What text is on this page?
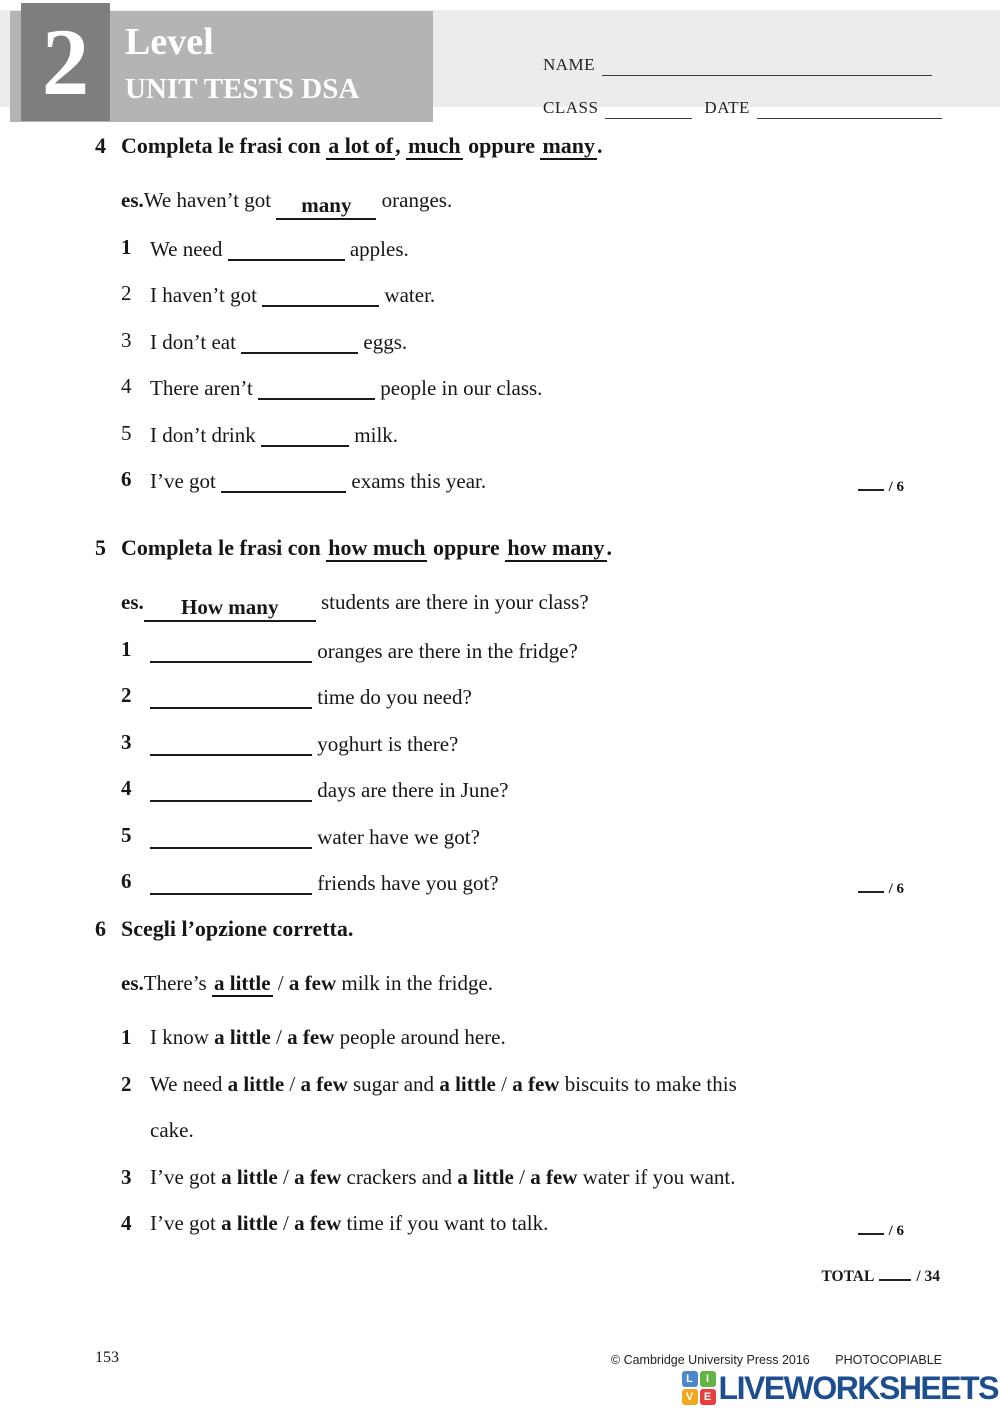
2 Level
UNIT TESTS DSA
NAME
CLASS	DATE
4 Completa le frasi con a lot of, much oppure many.
es. We haven’t got many oranges.
1 We need	apples.
2 I haven’t got	water.
3 I don’t eat	eggs.
4 There aren’t	people in our class.
5 I don’t drink	milk.
6 I’ve got	exams this year.	/ 6
5 Completa le frasi con how much oppure how many.
es.	How many students are there in your class?
1	oranges are there in the fridge?
2	time do you need?
3	yoghurt is there?
4	days are there in June?
5	water have we got?
6	friends have you got?	/ 6
6 Scegli l’opzione corretta.
es. There’s a little / a few milk in the fridge.
1 I know a little / a few people around here.
2 We need a little / a few sugar and a little / a few biscuits to make this
cake.
3 I’ve got a little / a few crackers and a little / a few water if you want.
4 I’ve got a little / a few time if you want to talk.	/ 6
TOTAL	/ 34
153	© Cambridge University Press 2016 PHOTOCOPIABLE
L	I
V E LIVEWORKSHEETS
